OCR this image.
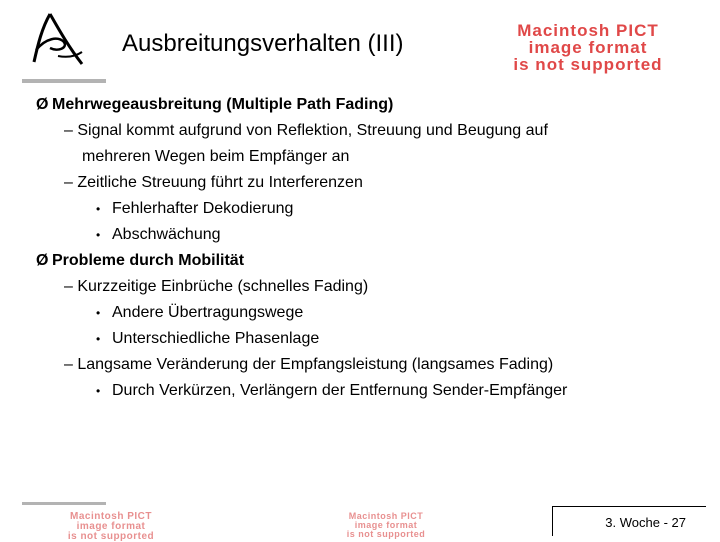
Ausbreitungsverhalten (III)	Macintosh PICT
image format
is not supported
Ø Mehrwegeausbreitung (Multiple Path Fading)
– Signal kommt aufgrund von Reflektion, Streuung und Beugung auf
mehreren Wegen beim Empfänger an
– Zeitliche Streuung führt zu Interferenzen
• Fehlerhafter Dekodierung
• Abschwächung
Ø Probleme durch Mobilität
– Kurzzeitige Einbrüche (schnelles Fading)
• Andere Übertragungswege
• Unterschiedliche Phasenlage
– Langsame Veränderung der Empfangsleistung (langsames Fading)
• Durch Verkürzen, Verlängern der Entfernung Sender-Empfänger
Macintosh PICT
image format
is not supported
Macintosh PICT
image format
is not supported
3. Woche - 27
